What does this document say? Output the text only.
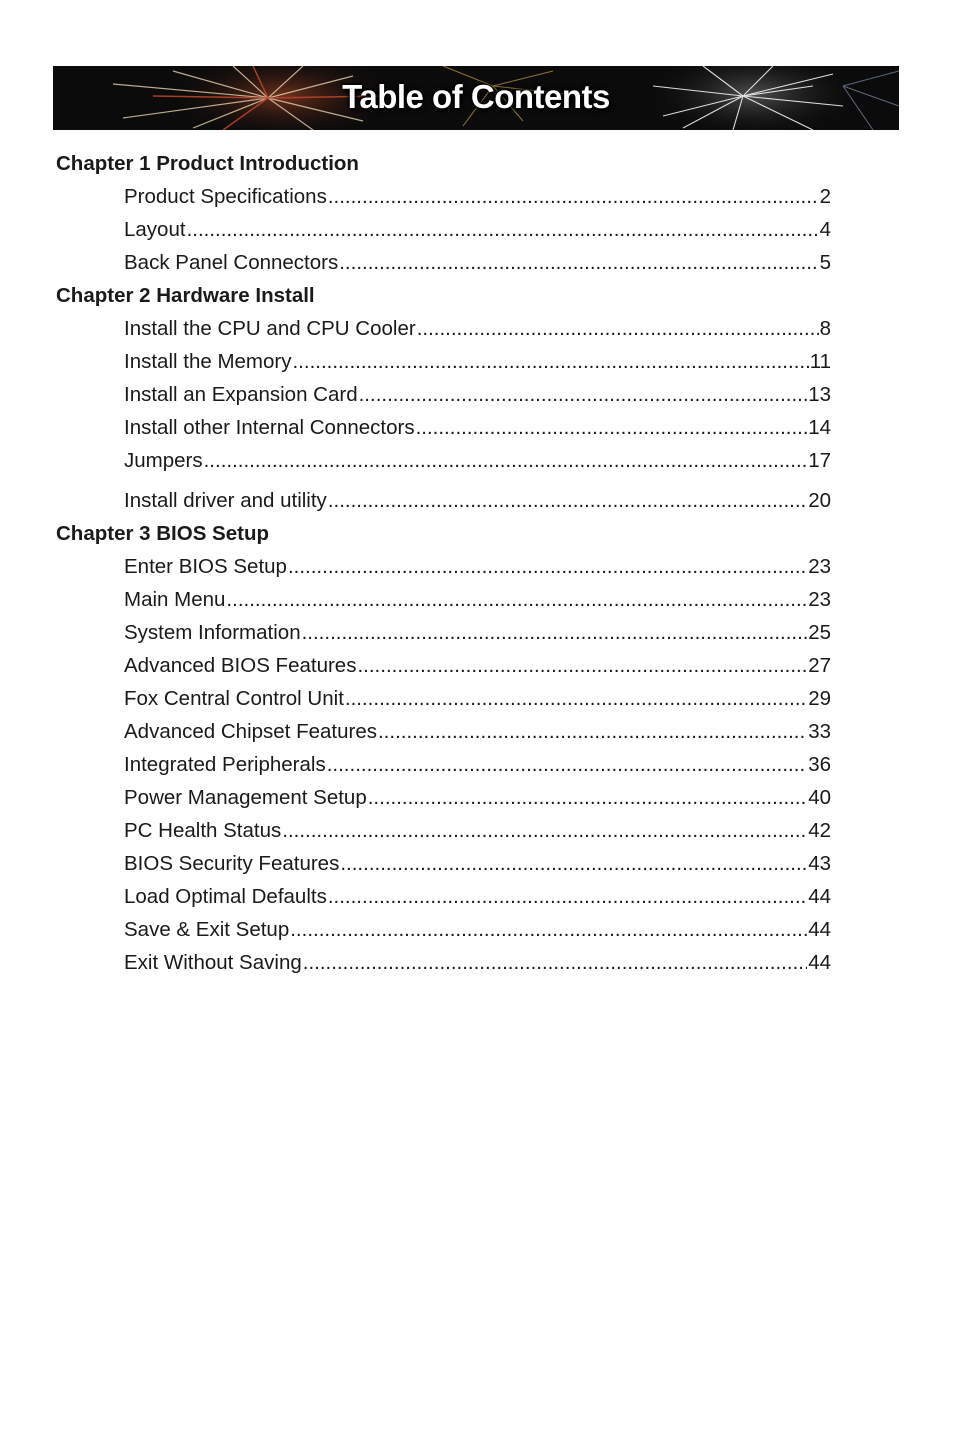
Table of Contents
Chapter 1 Product Introduction
Product Specifications .....	2
Layout .....	4
Back Panel Connectors .....	5
Chapter 2 Hardware Install
Install the CPU and CPU Cooler .....	8
Install the Memory .....	11
Install an Expansion Card .....	13
Install other Internal Connectors .....	14
Jumpers .....	17
Install driver and utility .....	20
Chapter 3 BIOS Setup
Enter BIOS Setup .....	23
Main Menu .....	23
System Information .....	25
Advanced BIOS Features .....	27
Fox Central Control Unit .....	29
Advanced Chipset Features .....	33
Integrated Peripherals .....	36
Power Management Setup .....	40
PC Health Status .....	42
BIOS Security Features .....	43
Load Optimal Defaults .....	44
Save & Exit Setup .....	44
Exit Without Saving .....	44
